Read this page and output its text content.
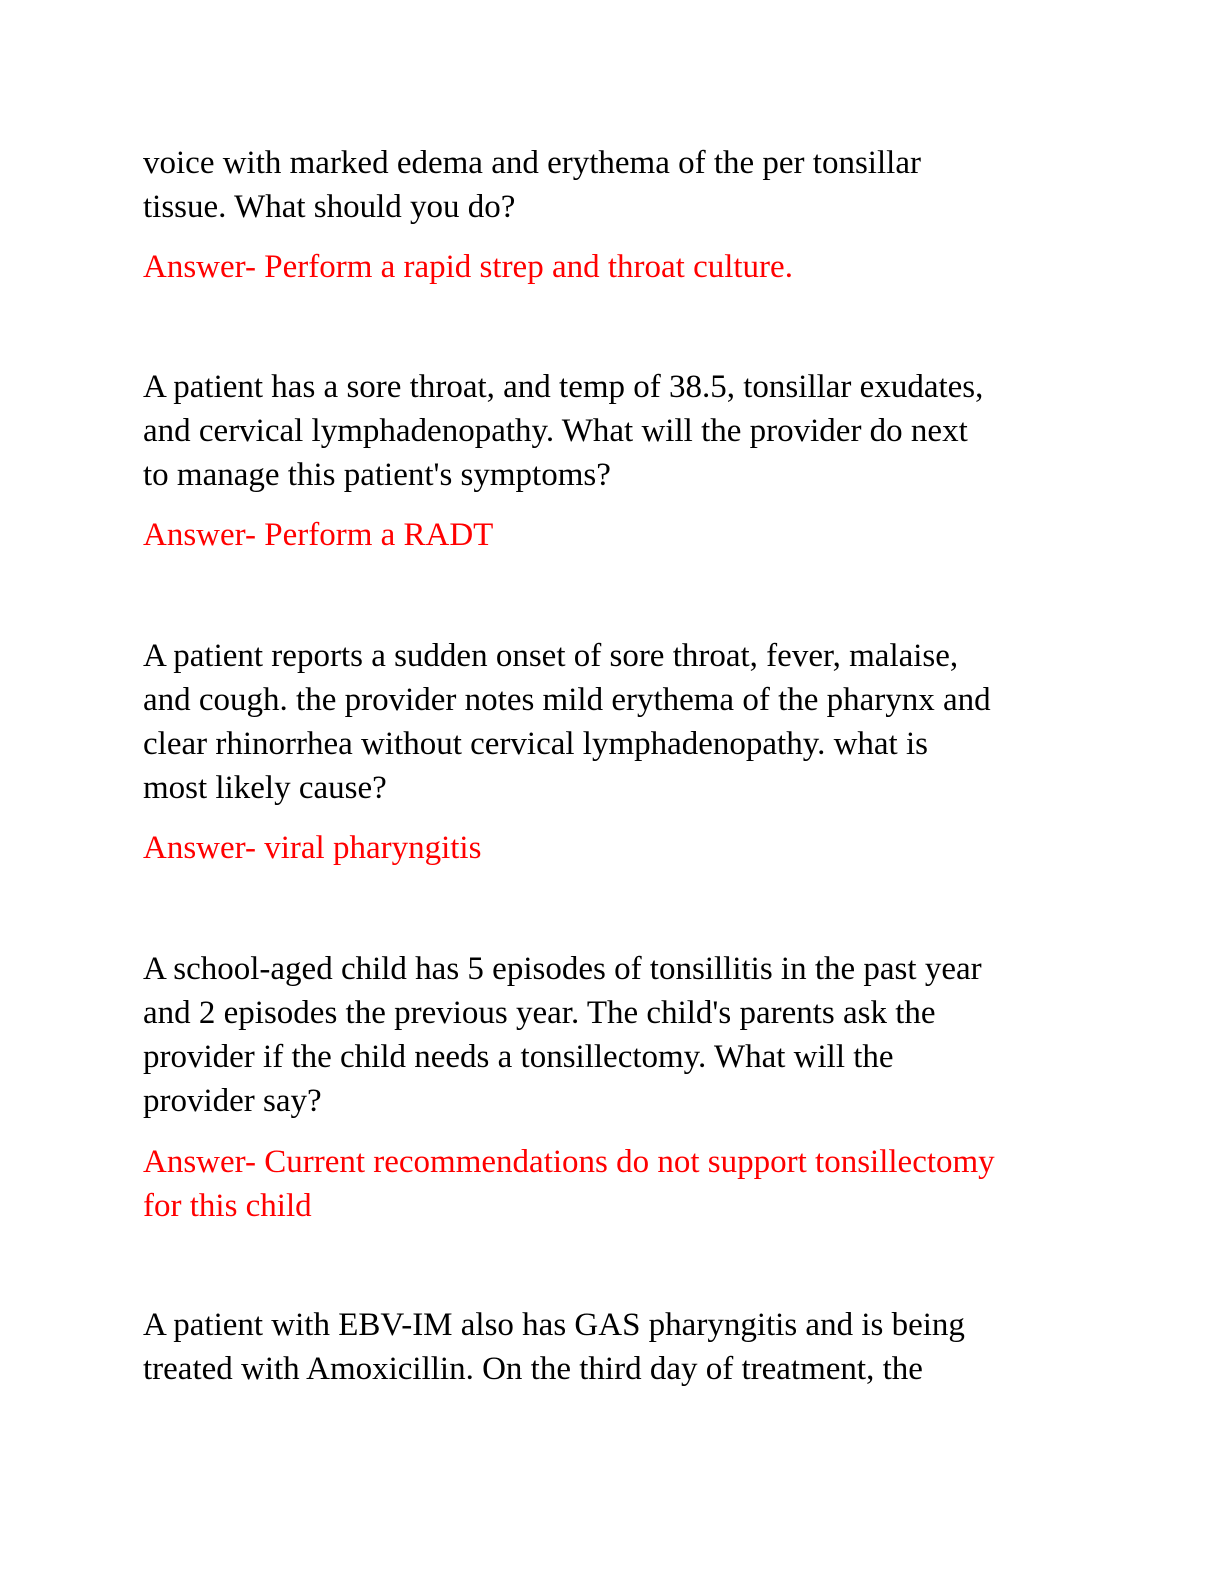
voice with marked edema and erythema of the per tonsillar

tissue. What should you do?

Answer- Perform a rapid strep and throat culture.

A patient has a sore throat, and temp of 38.5, tonsillar exudates,

and cervical lymphadenopathy. What will the provider do next

to manage this patient's symptoms?

Answer- Perform a RADT

A patient reports a sudden onset of sore throat, fever, malaise,

and cough. the provider notes mild erythema of the pharynx and

clear rhinorrhea without cervical lymphadenopathy. what is

most likely cause?

Answer- viral pharyngitis

A school-aged child has 5 episodes of tonsillitis in the past year

and 2 episodes the previous year. The child's parents ask the

provider if the child needs a tonsillectomy. What will the

provider say?

Answer- Current recommendations do not support tonsillectomy

for this child

A patient with EBV-IM also has GAS pharyngitis and is being

treated with Amoxicillin. On the third day of treatment, the
